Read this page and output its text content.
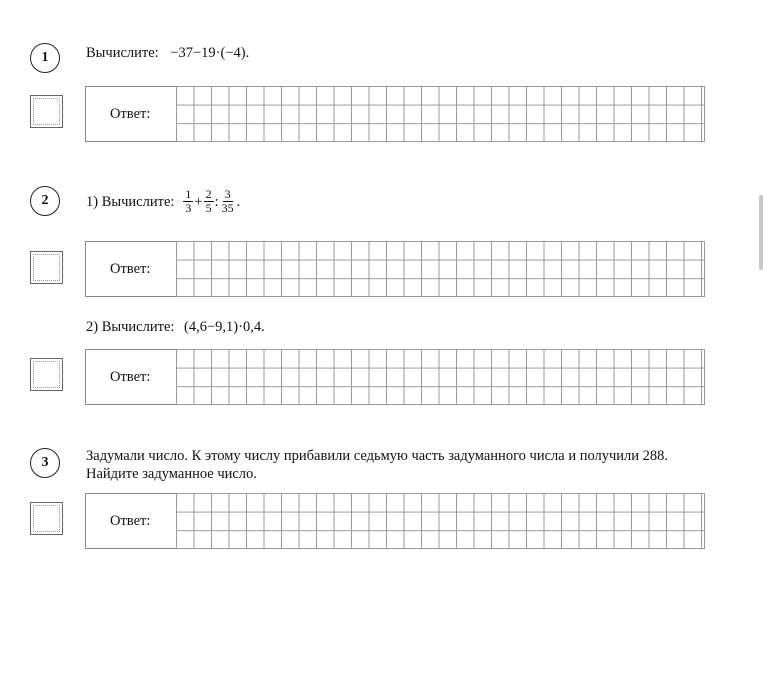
1	Вычислите: −37−19·(−4).
Ответ:
2	1) Вычислите: $\frac{1}{3} + \frac{2}{5}$ : $\frac{3}{35}$ .
Ответ:
2) Вычислите: (4,6−9,1)·0,4.
Ответ:
3	Задумали число. К этому числу прибавили седьмую часть задуманного числа и получили 288.
Найдите задуманное число.
Ответ:
